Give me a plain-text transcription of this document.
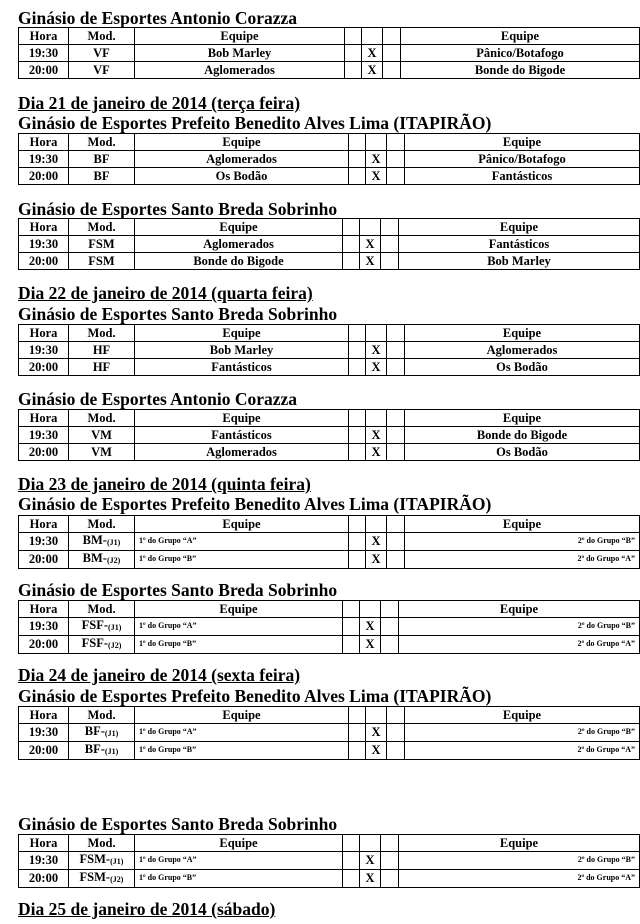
Ginásio de Esportes Antonio Corazza
Hora	Mod.	Equipe				Equipe
19:30	VF	Bob Marley		X		Pânico/Botafogo
20:00	VF	Aglomerados		X		Bonde do Bigode
Dia 21 de janeiro de 2014 (terça feira)
Ginásio de Esportes Prefeito Benedito Alves Lima (ITAPIRÃO)
Hora	Mod.	Equipe				Equipe
19:30	BF	Aglomerados		X		Pânico/Botafogo
20:00	BF	Os Bodão		X		Fantásticos
Ginásio de Esportes Santo Breda Sobrinho
Hora	Mod.	Equipe				Equipe
19:30	FSM	Aglomerados		X		Fantásticos
20:00	FSM	Bonde do Bigode		X		Bob Marley
Dia 22 de janeiro de 2014 (quarta feira)
Ginásio de Esportes Santo Breda Sobrinho
Hora	Mod.	Equipe				Equipe
19:30	HF	Bob Marley		X		Aglomerados
20:00	HF	Fantásticos		X		Os Bodão
Ginásio de Esportes Antonio Corazza
Hora	Mod.	Equipe				Equipe
19:30	VM	Fantásticos		X		Bonde do Bigode
20:00	VM	Aglomerados		X		Os Bodão
Dia 23 de janeiro de 2014 (quinta feira)
Ginásio de Esportes Prefeito Benedito Alves Lima (ITAPIRÃO)
Hora	Mod.	Equipe				Equipe
19:30	$BM-_{(J1)}$	1º do Grupo “A”		X		2º do Grupo “B”
20:00	$BM-_{(J2)}$	1º do Grupo “B”		X		2º do Grupo “A”
Ginásio de Esportes Santo Breda Sobrinho
Hora	Mod.	Equipe				Equipe
19:30	FSF-$_{(J1)}$	1º do Grupo “A”		X		2º do Grupo “B”
20:00	FSF-$_{(J2)}$	1º do Grupo “B”		X		2º do Grupo “A”
Dia 24 de janeiro de 2014 (sexta feira)
Ginásio de Esportes Prefeito Benedito Alves Lima (ITAPIRÃO)
Hora	Mod.	Equipe				Equipe
19:30	$BF-_{(J1)}$	1º do Grupo “A”		X		2º do Grupo “B”
20:00	$BF-_{(J1)}$	1º do Grupo “B”		X		2º do Grupo “A”
Ginásio de Esportes Santo Breda Sobrinho
Hora	Mod.	Equipe				Equipe
19:30	FSM-$_{(J1)}$	1º do Grupo “A”		X		2º do Grupo “B”
20:00	FSM-$_{(J2)}$	1º do Grupo “B”		X		2º do Grupo “A”
Dia 25 de janeiro de 2014 (sábado)
